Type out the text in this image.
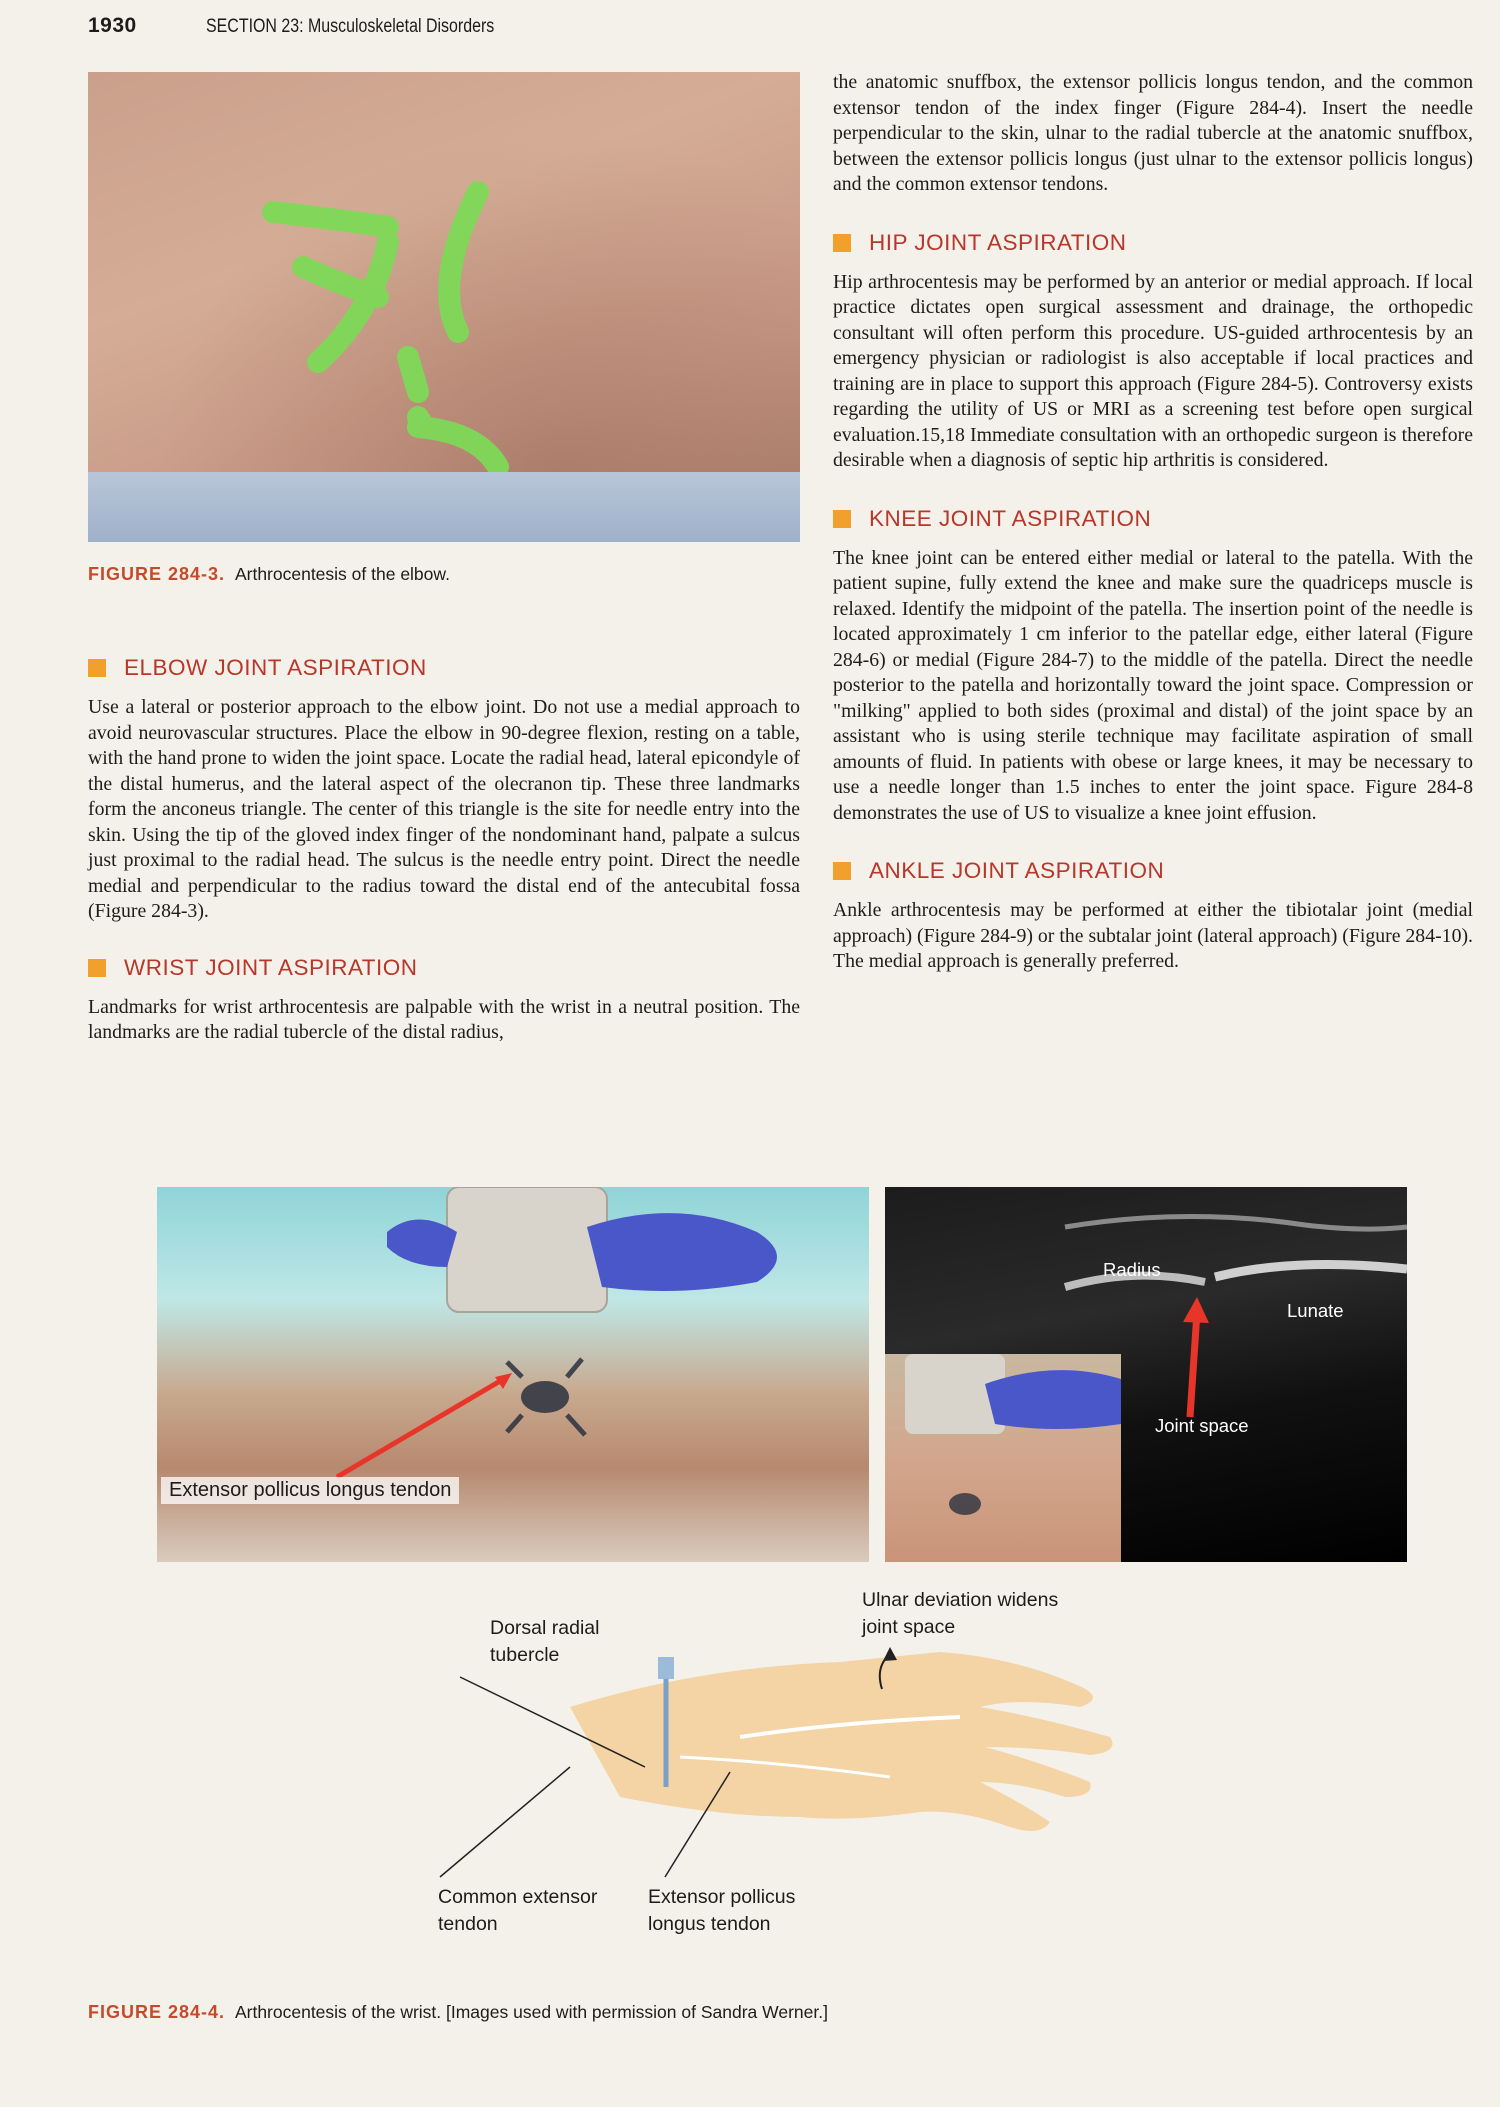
1930	SECTION 23: Musculoskeletal Disorders
FIGURE 284-3. Arthrocentesis of the elbow.
ELBOW JOINT ASPIRATION

Use a lateral or posterior approach to the elbow joint. Do not use a medial approach to avoid neurovascular structures. Place the elbow in 90-degree flexion, resting on a table, with the hand prone to widen the joint space. Locate the radial head, lateral epicondyle of the distal humerus, and the lateral aspect of the olecranon tip. These three landmarks form the anconeus triangle. The center of this triangle is the site for needle entry into the skin. Using the tip of the gloved index finger of the nondominant hand, palpate a sulcus just proximal to the radial head. The sulcus is the needle entry point. Direct the needle medial and perpendicular to the radius toward the distal end of the antecubital fossa (Figure 284-3).

WRIST JOINT ASPIRATION

Landmarks for wrist arthrocentesis are palpable with the wrist in a neutral position. The landmarks are the radial tubercle of the distal radius,

the anatomic snuffbox, the extensor pollicis longus tendon, and the common extensor tendon of the index finger (Figure 284-4). Insert the needle perpendicular to the skin, ulnar to the radial tubercle at the anatomic snuffbox, between the extensor pollicis longus (just ulnar to the extensor pollicis longus) and the common extensor tendons.

HIP JOINT ASPIRATION

Hip arthrocentesis may be performed by an anterior or medial approach. If local practice dictates open surgical assessment and drainage, the orthopedic consultant will often perform this procedure. US-guided arthrocentesis by an emergency physician or radiologist is also acceptable if local practices and training are in place to support this approach (Figure 284-5). Controversy exists regarding the utility of US or MRI as a screening test before open surgical evaluation.15,18 Immediate consultation with an orthopedic surgeon is therefore desirable when a diagnosis of septic hip arthritis is considered.

KNEE JOINT ASPIRATION

The knee joint can be entered either medial or lateral to the patella. With the patient supine, fully extend the knee and make sure the quadriceps muscle is relaxed. Identify the midpoint of the patella. The insertion point of the needle is located approximately 1 cm inferior to the patellar edge, either lateral (Figure 284-6) or medial (Figure 284-7) to the middle of the patella. Direct the needle posterior to the patella and horizontally toward the joint space. Compression or "milking" applied to both sides (proximal and distal) of the joint space by an assistant who is using sterile technique may facilitate aspiration of small amounts of fluid. In patients with obese or large knees, it may be necessary to use a needle longer than 1.5 inches to enter the joint space. Figure 284-8 demonstrates the use of US to visualize a knee joint effusion.

ANKLE JOINT ASPIRATION

Ankle arthrocentesis may be performed at either the tibiotalar joint (medial approach) (Figure 284-9) or the subtalar joint (lateral approach) (Figure 284-10). The medial approach is generally preferred.

Extensor pollicus longus tendon
Radius
Lunate
Joint space
Dorsal radial tubercle
Ulnar deviation widens joint space
Common extensor tendon
Extensor pollicus longus tendon
FIGURE 284-4. Arthrocentesis of the wrist. [Images used with permission of Sandra Werner.]
